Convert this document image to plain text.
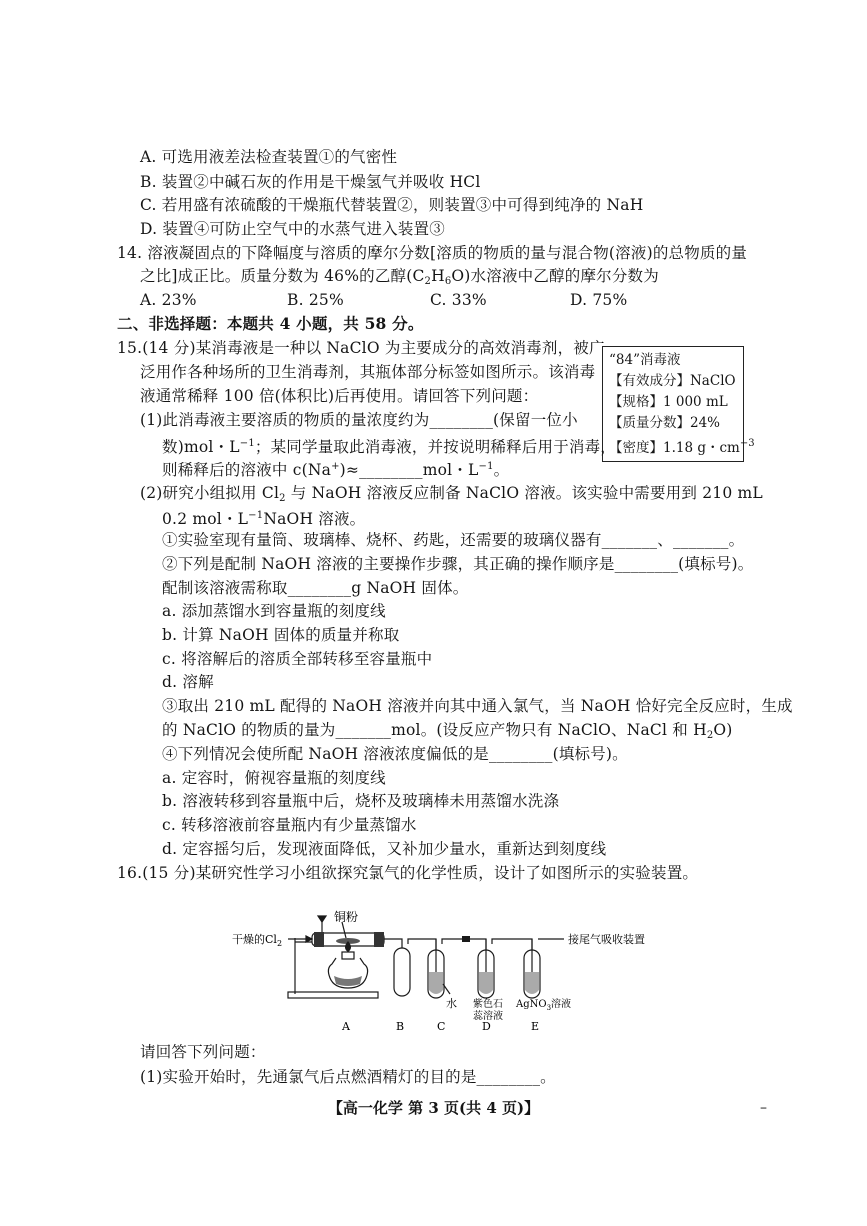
A. 可选用液差法检查装置①的气密性
B. 装置②中碱石灰的作用是干燥氢气并吸收 HCl
C. 若用盛有浓硫酸的干燥瓶代替装置②，则装置③中可得到纯净的 NaH
D. 装置④可防止空气中的水蒸气进入装置③
14. 溶液凝固点的下降幅度与溶质的摩尔分数[溶质的物质的量与混合物(溶液)的总物质的量
之比]成正比。质量分数为 46%的乙醇$(C_2H_6O)$水溶液中乙醇的摩尔分数为
A. 23%	B. 25%	C. 33%	D. 75%
二、非选择题：本题共 4 小题，共 58 分。
15.(14 分)某消毒液是一种以 NaClO 为主要成分的高效消毒剂，被广
泛用作各种场所的卫生消毒剂，其瓶体部分标签如图所示。该消毒
液通常稀释 100 倍(体积比)后再使用。请回答下列问题：
“84”消毒液
【有效成分】NaClO
【规格】1 000 mL
【质量分数】24%
【密度】1.18 g・$cm^{-3}$
(1)此消毒液主要溶质的物质的量浓度约为________(保留一位小
数)mol・$L^{-1}$；某同学量取此消毒液，并按说明稀释后用于消毒，
则稀释后的溶液中 c(Na+)≈________mol・$L^{-1}$。
(2)研究小组拟用 $Cl_2$ 与 NaOH 溶液反应制备 NaClO 溶液。该实验中需要用到 210 mL
0.2 mol・$L^{-1}NaOH$ 溶液。
①实验室现有量筒、玻璃棒、烧杯、药匙，还需要的玻璃仪器有_______、_______。
②下列是配制 NaOH 溶液的主要操作步骤，其正确的操作顺序是________(填标号)。
配制该溶液需称取________g NaOH 固体。
a. 添加蒸馏水到容量瓶的刻度线
b. 计算 NaOH 固体的质量并称取
c. 将溶解后的溶质全部转移至容量瓶中
d. 溶解
③取出 210 mL 配得的 NaOH 溶液并向其中通入氯气，当 NaOH 恰好完全反应时，生成
的 NaClO 的物质的量为_______mol。(设反应产物只有 NaClO、NaCl 和 $H_2O$)
④下列情况会使所配 NaOH 溶液浓度偏低的是________(填标号)。
a. 定容时，俯视容量瓶的刻度线
b. 溶液转移到容量瓶中后，烧杯及玻璃棒未用蒸馏水洗涤
c. 转移溶液前容量瓶内有少量蒸馏水
d. 定容摇匀后，发现液面降低，又补加少量水，重新达到刻度线
16.(15 分)某研究性学习小组欲探究氯气的化学性质，设计了如图所示的实验装置。
干燥的$Cl_2$
铜粉
接尾气吸收装置
水 紫色石
蕊溶液
AgNO$_3$溶液
A	B	C	D	E
请回答下列问题：
(1)实验开始时，先通氯气后点燃酒精灯的目的是________。
【高一化学 第 3 页(共 4 页)】	–
